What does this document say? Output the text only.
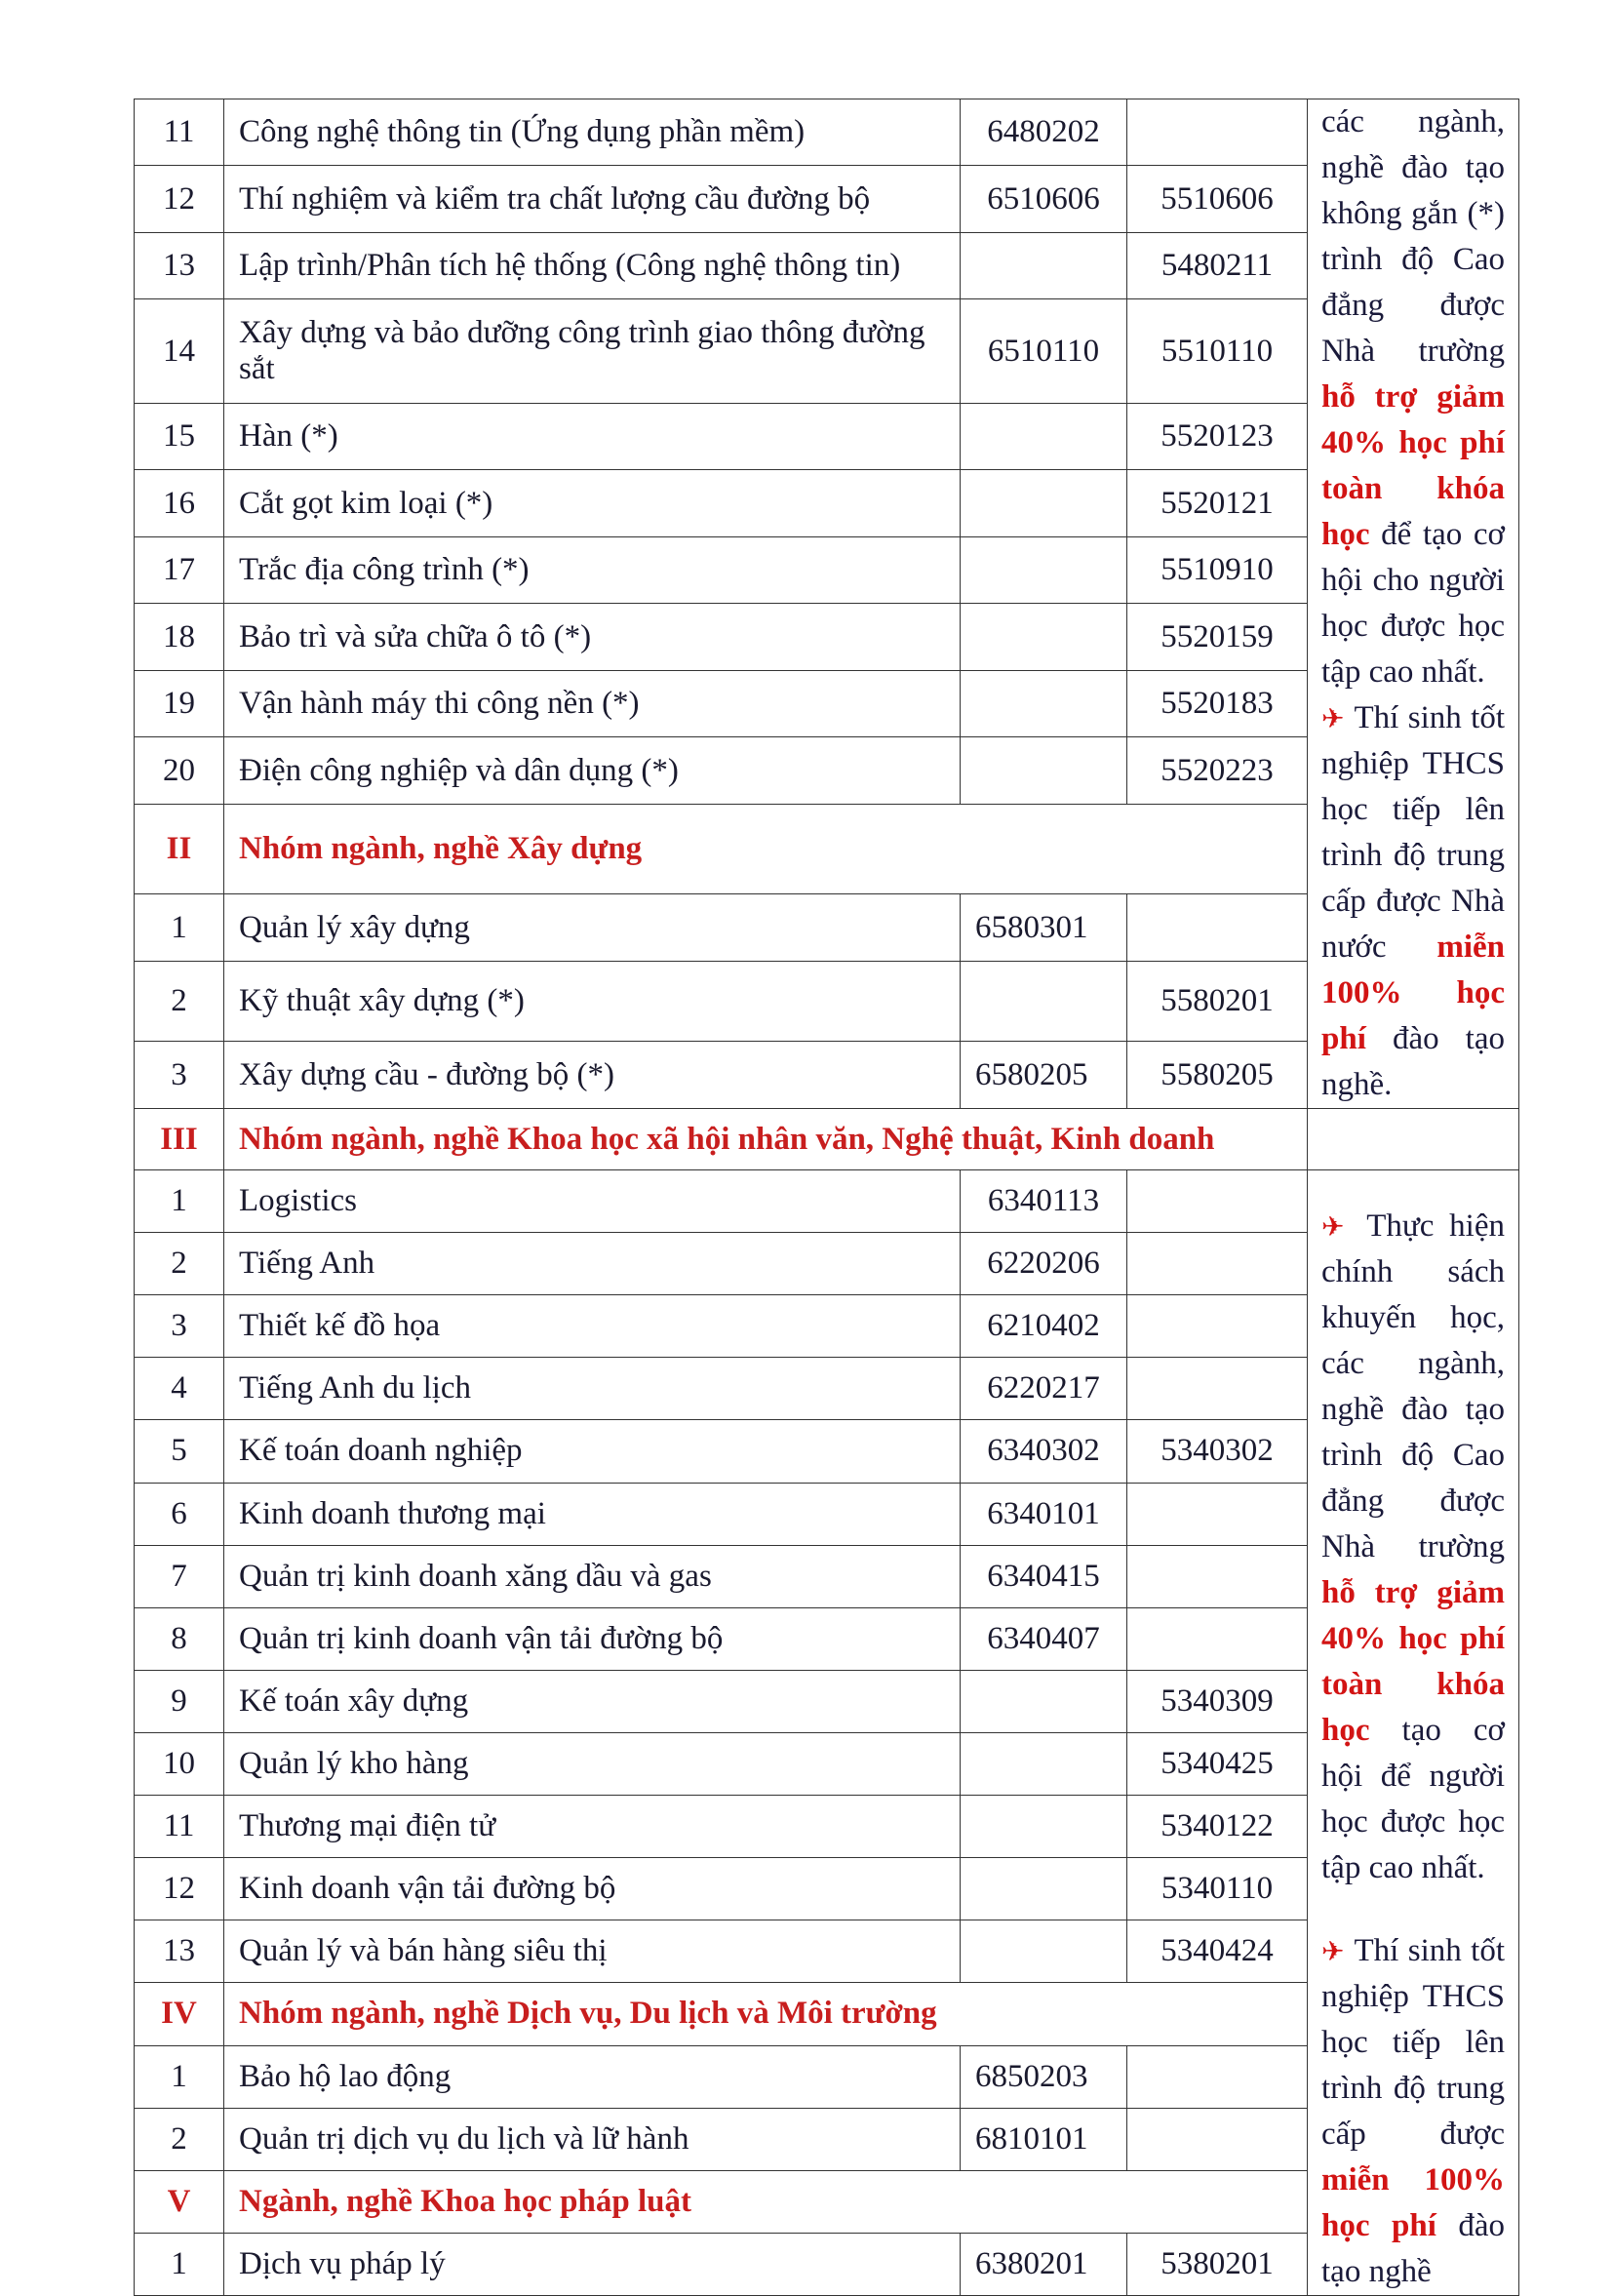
11	Công nghệ thông tin (Ứng dụng phần mềm)	6480202		các ngành, nghề đào tạo không gắn (*) trình độ Cao đẳng được Nhà trường hỗ trợ giảm 40% học phí toàn khóa học để tạo cơ hội cho người học được học tập cao nhất.
✈ Thí sinh tốt nghiệp THCS học tiếp lên trình độ trung cấp được Nhà nước miễn 100% học phí đào tạo nghề.

12	Thí nghiệm và kiểm tra chất lượng cầu đường bộ	6510606	5510606	
13	Lập trình/Phân tích hệ thống (Công nghệ thông tin)		5480211	
14	Xây dựng và bảo dưỡng công trình giao thông đường sắt	6510110	5510110	
15	Hàn (*)		5520123	
16	Cắt gọt kim loại (*)		5520121	
17	Trắc địa công trình (*)		5510910	
18	Bảo trì và sửa chữa ô tô (*)		5520159	
19	Vận hành máy thi công nền (*)		5520183	
20	Điện công nghiệp và dân dụng (*)		5520223	
II	Nhóm ngành, nghề Xây dựng			
1	Quản lý xây dựng	6580301		
2	Kỹ thuật xây dựng (*)		5580201	
3	Xây dựng cầu - đường bộ (*)	6580205	5580205	
III	Nhóm ngành, nghề Khoa học xã hội nhân văn, Nghệ thuật, Kinh doanh			
1	Logistics	6340113		✈ Thực hiện chính sách khuyến học, các ngành, nghề đào tạo trình độ Cao đẳng được Nhà trường hỗ trợ giảm 40% học phí toàn khóa học tạo cơ hội để người học được học tập cao nhất.
✈ Thí sinh tốt nghiệp THCS học tiếp lên trình độ trung cấp được miễn 100% học phí đào tạo nghề

2	Tiếng Anh	6220206		
3	Thiết kế đồ họa	6210402		
4	Tiếng Anh du lịch	6220217		
5	Kế toán doanh nghiệp	6340302	5340302	
6	Kinh doanh thương mại	6340101		
7	Quản trị kinh doanh xăng dầu và gas	6340415		
8	Quản trị kinh doanh vận tải đường bộ	6340407		
9	Kế toán xây dựng		5340309	
10	Quản lý kho hàng		5340425	
11	Thương mại điện tử		5340122	
12	Kinh doanh vận tải đường bộ		5340110	
13	Quản lý và bán hàng siêu thị		5340424	
IV	Nhóm ngành, nghề Dịch vụ, Du lịch và Môi trường			
1	Bảo hộ lao động	6850203		
2	Quản trị dịch vụ du lịch và lữ hành	6810101		
V	Ngành, nghề Khoa học pháp luật			
1	Dịch vụ pháp lý	6380201	5380201	
